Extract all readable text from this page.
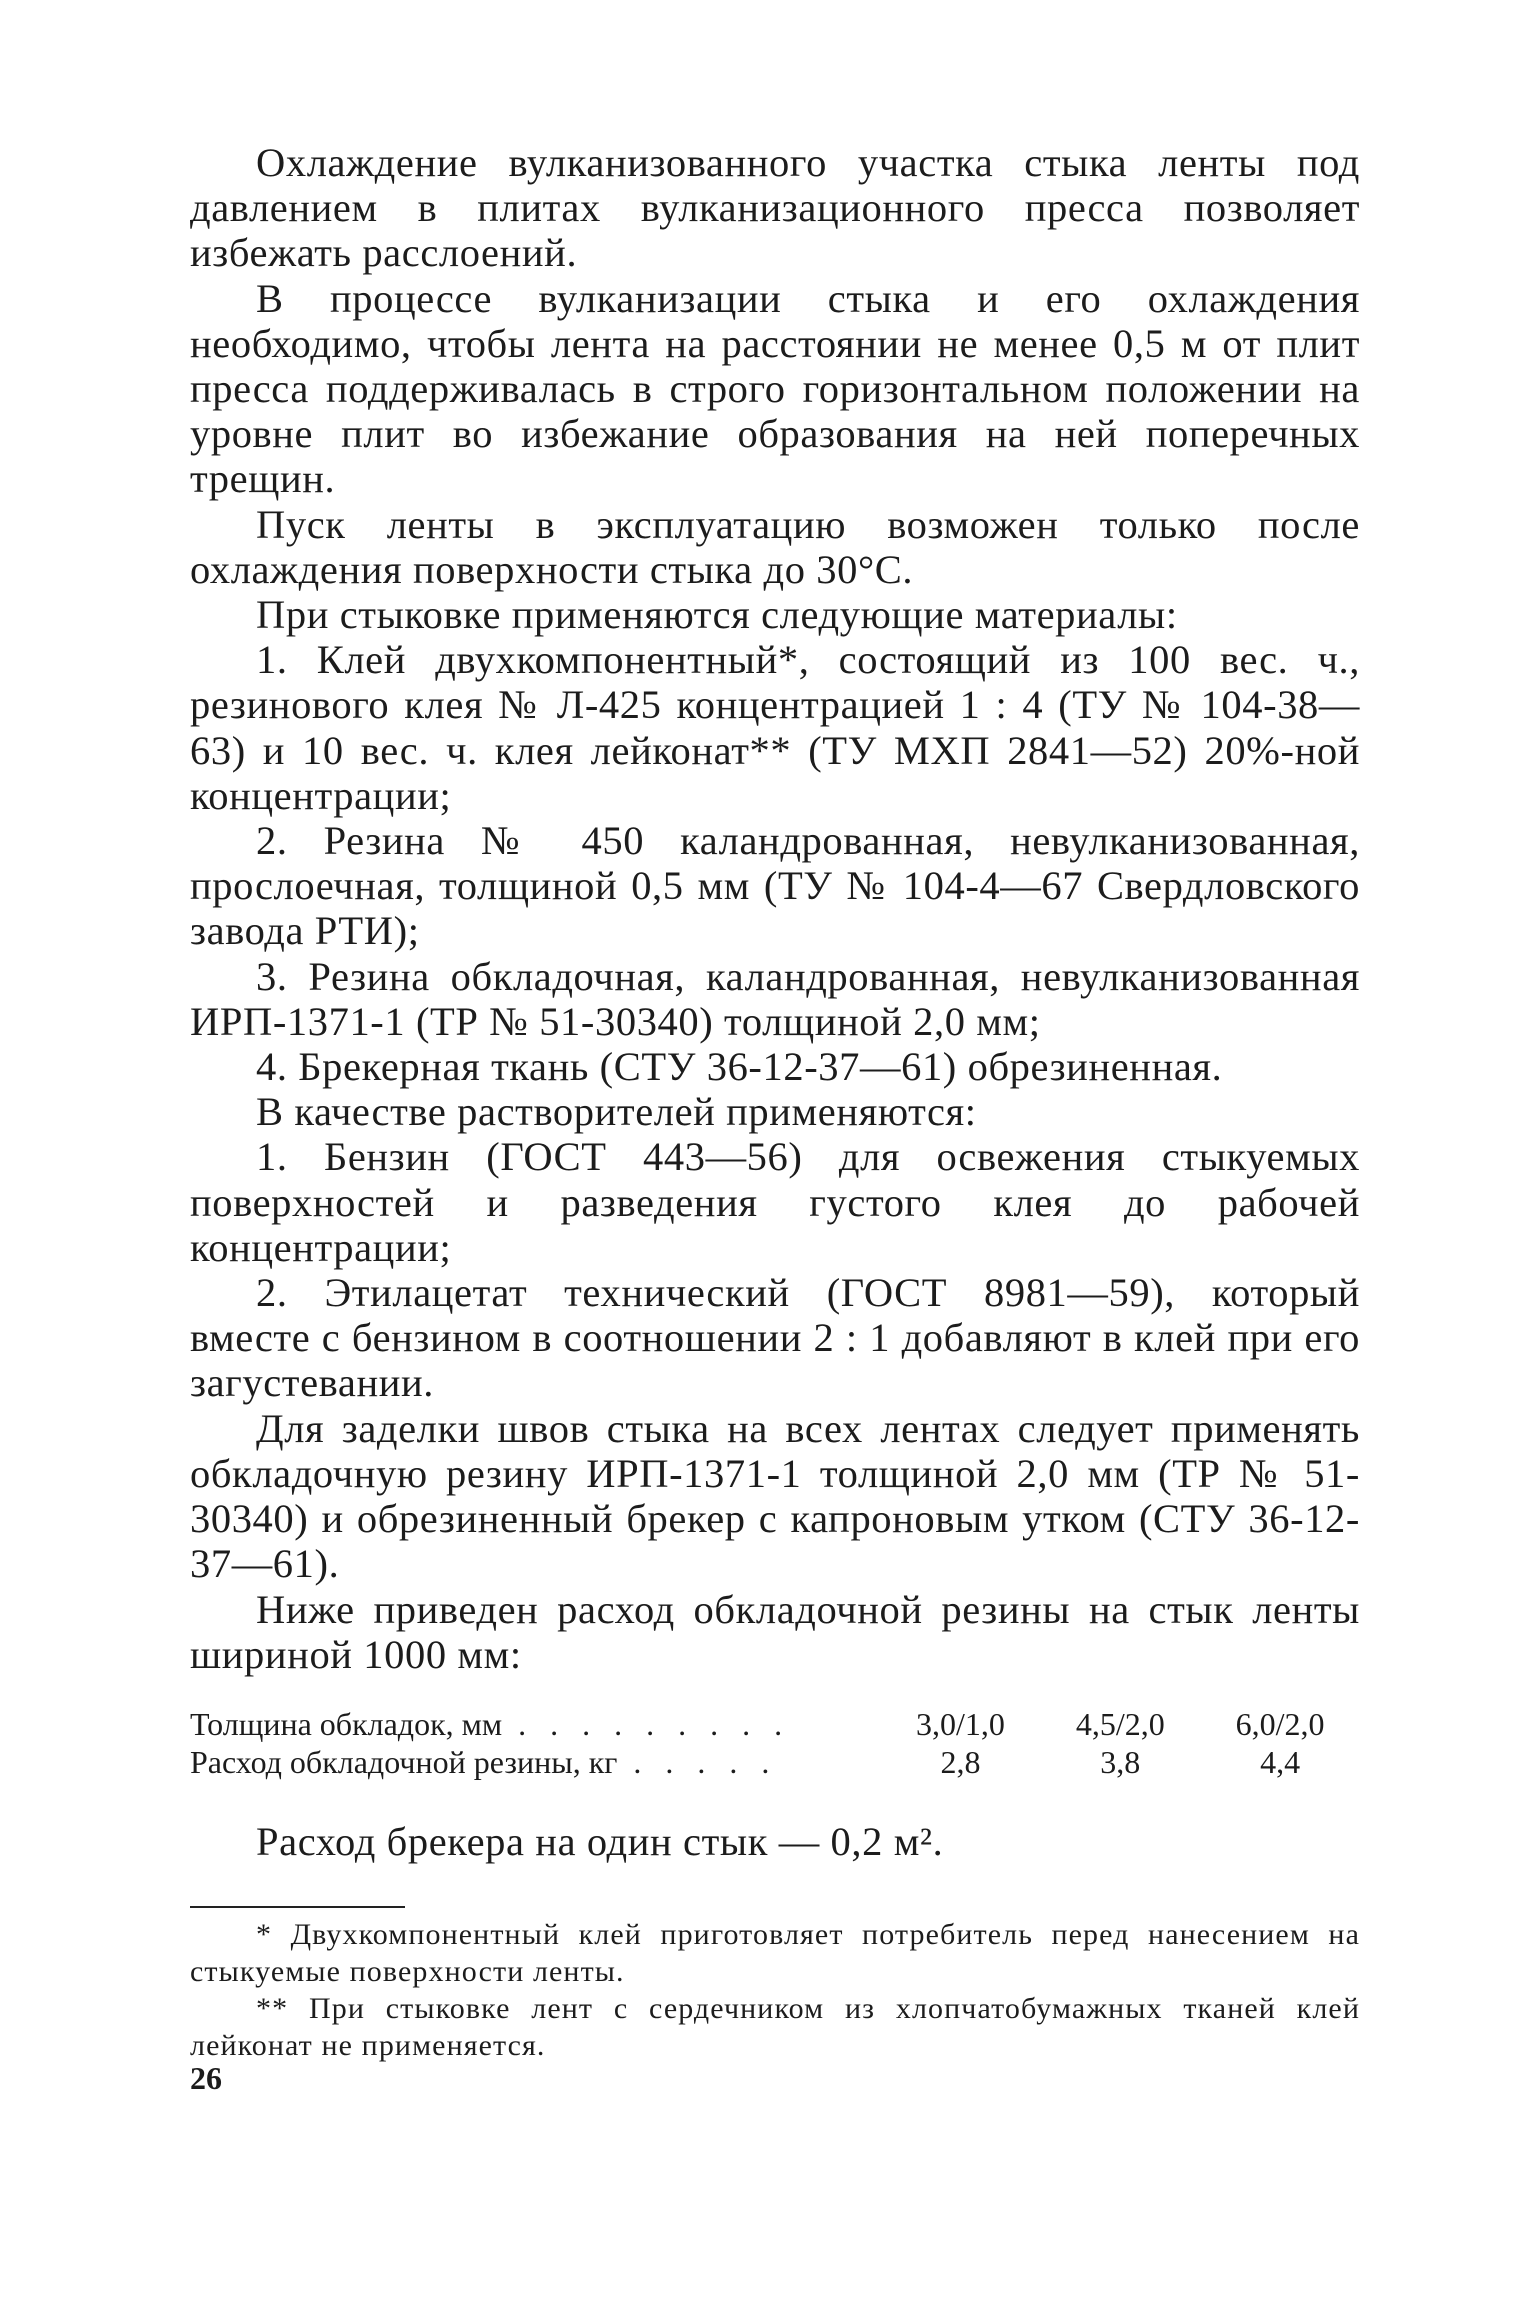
Охлаждение вулканизованного участка стыка ленты под давлением в плитах вулканизационного пресса позволяет избежать расслоений.

В процессе вулканизации стыка и его охлаждения необходимо, чтобы лента на расстоянии не менее 0,5 м от плит пресса поддерживалась в строго горизонтальном положении на уровне плит во избежание образования на ней поперечных трещин.

Пуск ленты в эксплуатацию возможен только после охлаждения поверхности стыка до 30°С.

При стыковке применяются следующие материалы:

1. Клей двухкомпонентный*, состоящий из 100 вес. ч., резинового клея № Л-425 концентрацией 1 : 4 (ТУ № 104-38—63) и 10 вес. ч. клея лейконат** (ТУ МХП 2841—52) 20%-ной концентрации;

2. Резина № 450 каландрованная, невулканизованная, прослоечная, толщиной 0,5 мм (ТУ № 104-4—67 Свердловского завода РТИ);

3. Резина обкладочная, каландрованная, невулканизованная ИРП-1371-1 (ТР № 51-30340) толщиной 2,0 мм;

4. Брекерная ткань (СТУ 36-12-37—61) обрезиненная.

В качестве растворителей применяются:

1. Бензин (ГОСТ 443—56) для освежения стыкуемых поверхностей и разведения густого клея до рабочей концентрации;

2. Этилацетат технический (ГОСТ 8981—59), который вместе с бензином в соотношении 2 : 1 добавляют в клей при его загустевании.

Для заделки швов стыка на всех лентах следует применять обкладочную резину ИРП-1371-1 толщиной 2,0 мм (ТР № 51-30340) и обрезиненный брекер с капроновым утком (СТУ 36-12-37—61).

Ниже приведен расход обкладочной резины на стык ленты шириной 1000 мм:

Толщина обкладок, мм . . . . . . . . .	3,0/1,0	4,5/2,0	6,0/2,0
Расход обкладочной резины, кг . . . . .	2,8	3,8	4,4

Расход брекера на один стык — 0,2 м².

* Двухкомпонентный клей приготовляет потребитель перед нанесением на стыкуемые поверхности ленты.

** При стыковке лент с сердечником из хлопчатобумажных тканей клей лейконат не применяется.

26
